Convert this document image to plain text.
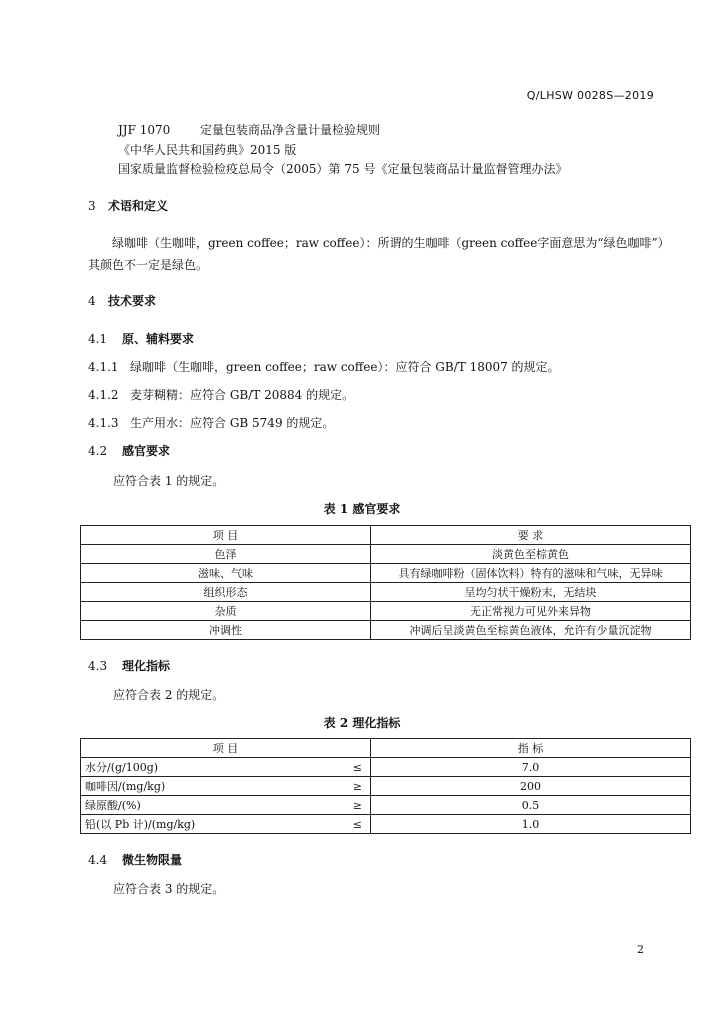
Q/LHSW 0028S—2019
JJF 1070 定量包装商品净含量计量检验规则
《中华人民共和国药典》2015 版
国家质量监督检验检疫总局令（2005）第 75 号《定量包装商品计量监督管理办法》
3 术语和定义
绿咖啡（生咖啡，green coffee；raw coffee）：所谓的生咖啡（green coffee字面意思为“绿色咖啡”）其颜色不一定是绿色。
4 技术要求
4.1 原、辅料要求
4.1.1 绿咖啡（生咖啡，green coffee；raw coffee）：应符合 GB/T 18007 的规定。
4.1.2 麦芽糊精：应符合 GB/T 20884 的规定。
4.1.3 生产用水：应符合 GB 5749 的规定。
4.2 感官要求
应符合表 1 的规定。
表 1 感官要求
项 目	要 求
色泽	淡黄色至棕黄色
滋味、气味	具有绿咖啡粉（固体饮料）特有的滋味和气味，无异味
组织形态	呈均匀状干燥粉末，无结块
杂质	无正常视力可见外来异物
冲调性	冲调后呈淡黄色至棕黄色液体，允许有少量沉淀物
4.3 理化指标
应符合表 2 的规定。
表 2 理化指标
项 目		指 标
水分/(g/100g)	≤	7.0
咖啡因/(mg/kg)	≥	200
绿原酸/(%)	≥	0.5
铅(以 Pb 计)/(mg/kg)	≤	1.0
4.4 微生物限量
应符合表 3 的规定。
2
